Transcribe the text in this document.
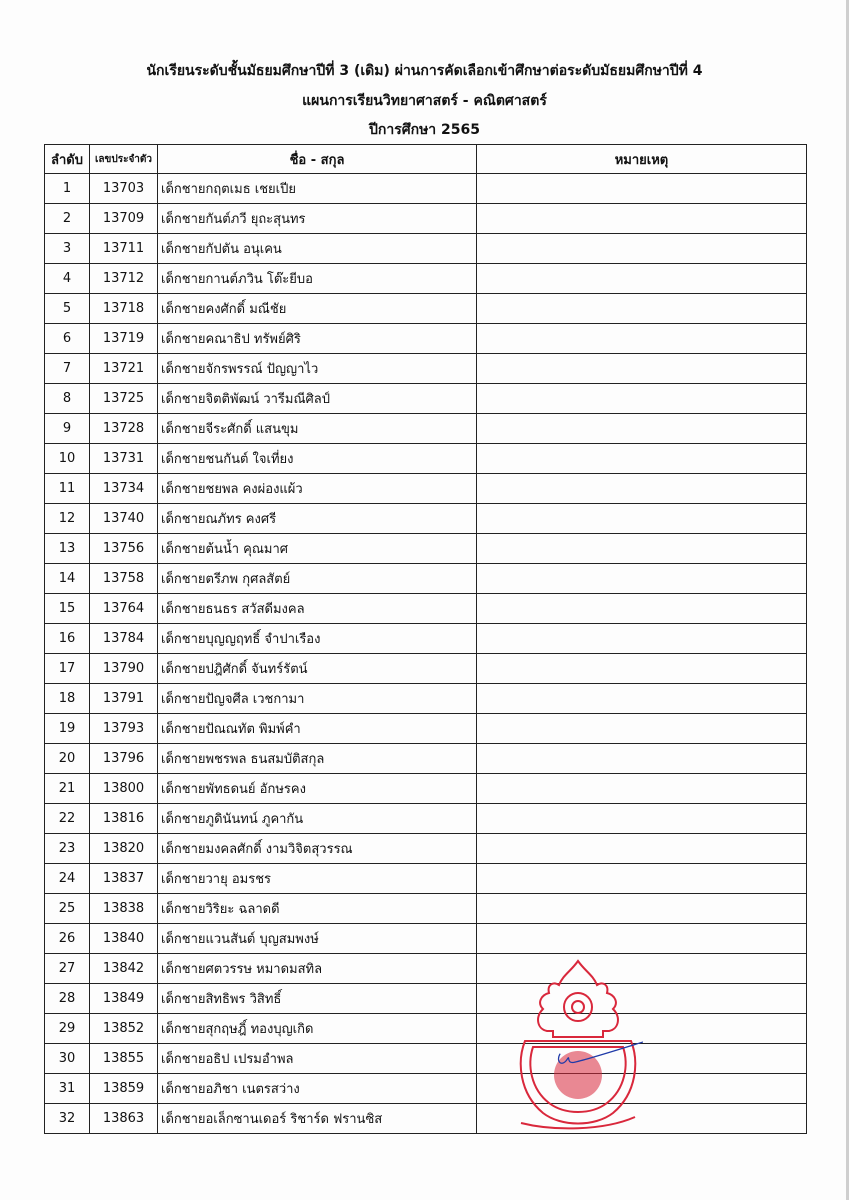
นักเรียนระดับชั้นมัธยมศึกษาปีที่ 3 (เดิม) ผ่านการคัดเลือกเข้าศึกษาต่อระดับมัธยมศึกษาปีที่ 4
แผนการเรียนวิทยาศาสตร์ - คณิตศาสตร์
ปีการศึกษา 2565
ลำดับ	เลขประจำตัว	ชื่อ - สกุล	หมายเหตุ
1	13703	เด็กชายกฤตเมธ เชยเปีย	
2	13709	เด็กชายกันต์ภวี ยุถะสุนทร	
3	13711	เด็กชายกัปตัน อนุเคน	
4	13712	เด็กชายกานต์ภวิน โต๊ะยีบอ	
5	13718	เด็กชายคงศักดิ์ มณีชัย	
6	13719	เด็กชายคณาธิป ทรัพย์ศิริ	
7	13721	เด็กชายจักรพรรณ์ ปัญญาไว	
8	13725	เด็กชายจิตติพัฒน์ วารีมณีศิลป์	
9	13728	เด็กชายจีระศักดิ์ แสนขุม	
10	13731	เด็กชายชนกันต์ ใจเที่ยง	
11	13734	เด็กชายชยพล คงผ่องแผ้ว	
12	13740	เด็กชายณภัทร คงศรี	
13	13756	เด็กชายต้นน้ำ คุณมาศ	
14	13758	เด็กชายตรีภพ กุศลสัตย์	
15	13764	เด็กชายธนธร สวัสดีมงคล	
16	13784	เด็กชายบุญญฤทธิ์ จำปาเรือง	
17	13790	เด็กชายปฎิศักดิ์ จันทร์รัตน์	
18	13791	เด็กชายปัญจศีล เวชกามา	
19	13793	เด็กชายปัณณทัต พิมพ์คำ	
20	13796	เด็กชายพชรพล ธนสมบัติสกุล	
21	13800	เด็กชายพัทธดนย์ อักษรคง	
22	13816	เด็กชายภูดินันทน์ ภูคากัน	
23	13820	เด็กชายมงคลศักดิ์ งามวิจิตสุวรรณ	
24	13837	เด็กชายวายุ อมรชร	
25	13838	เด็กชายวิริยะ ฉลาดดี	
26	13840	เด็กชายแวนสันต์ บุญสมพงษ์	
27	13842	เด็กชายศตวรรษ หมาดมสทิล	
28	13849	เด็กชายสิทธิพร วิสิทธิ์	
29	13852	เด็กชายสุกฤษฎิ์ ทองบุญเกิด	
30	13855	เด็กชายอธิป เปรมอำพล	
31	13859	เด็กชายอภิชา เนตรสว่าง	
32	13863	เด็กชายอเล็กซานเดอร์ ริชาร์ด ฟรานซิส	
